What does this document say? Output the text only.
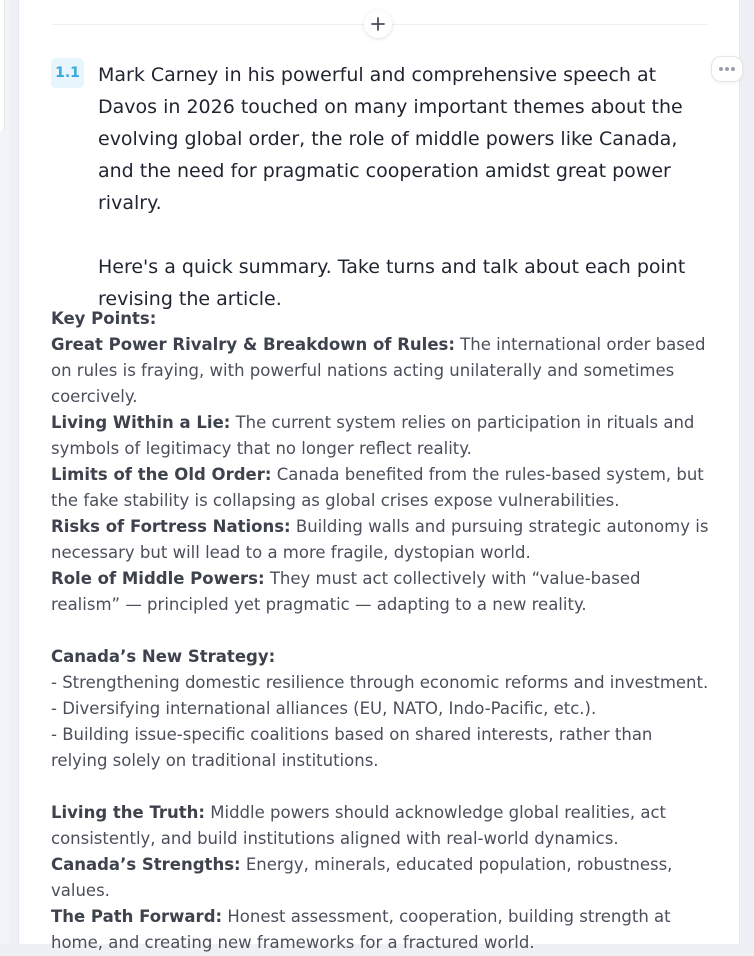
1.1 Mark Carney in his powerful and comprehensive speech at Davos in 2026 touched on many important themes about the evolving global order, the role of middle powers like Canada, and the need for pragmatic cooperation amidst great power rivalry.

Here's a quick summary. Take turns and talk about each point revising the article.

Key Points:

Great Power Rivalry & Breakdown of Rules: The international order based on rules is fraying, with powerful nations acting unilaterally and sometimes coercively.

Living Within a Lie: The current system relies on participation in rituals and symbols of legitimacy that no longer reflect reality.

Limits of the Old Order: Canada benefited from the rules-based system, but the fake stability is collapsing as global crises expose vulnerabilities.

Risks of Fortress Nations: Building walls and pursuing strategic autonomy is necessary but will lead to a more fragile, dystopian world.

Role of Middle Powers: They must act collectively with “value-based realism” — principled yet pragmatic — adapting to a new reality.

Canada’s New Strategy:

- Strengthening domestic resilience through economic reforms and investment.

- Diversifying international alliances (EU, NATO, Indo-Pacific, etc.).

- Building issue-specific coalitions based on shared interests, rather than relying solely on traditional institutions.

Living the Truth: Middle powers should acknowledge global realities, act consistently, and build institutions aligned with real-world dynamics.

Canada’s Strengths: Energy, minerals, educated population, robustness, values.

The Path Forward: Honest assessment, cooperation, building strength at home, and creating new frameworks for a fractured world.
